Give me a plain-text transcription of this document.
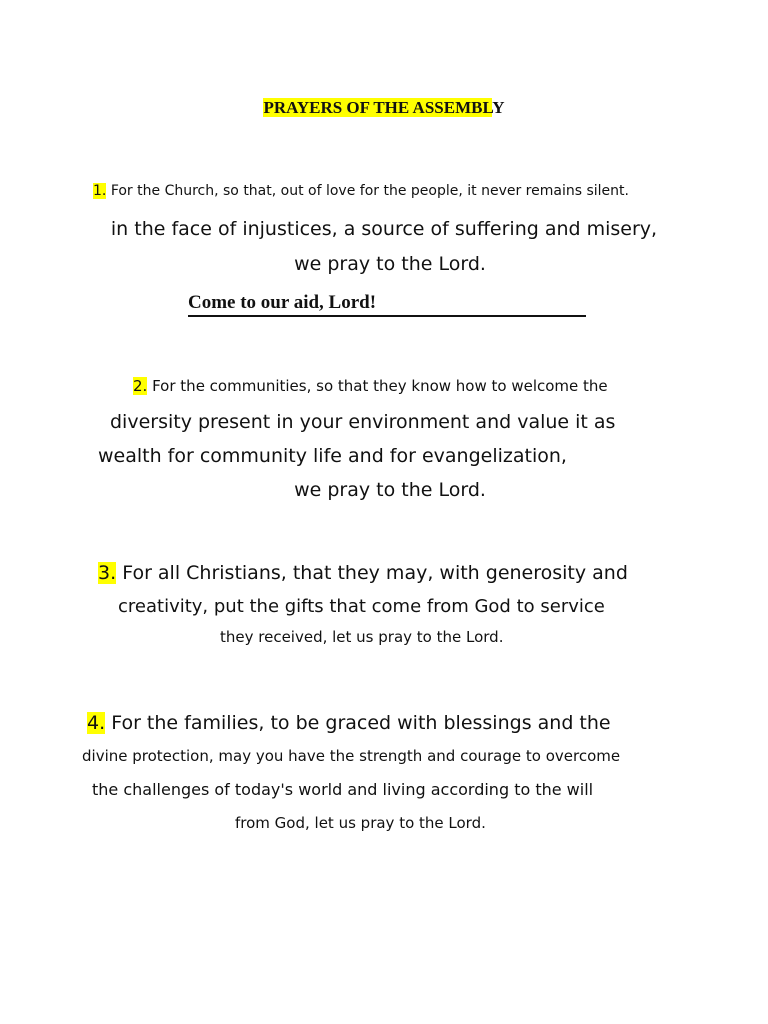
PRAYERS OF THE ASSEMBLY
1. For the Church, so that, out of love for the people, it never remains silent.
in the face of injustices, a source of suffering and misery,
we pray to the Lord.
Come to our aid, Lord!
2. For the communities, so that they know how to welcome the
diversity present in your environment and value it as
wealth for community life and for evangelization,
we pray to the Lord.
3. For all Christians, that they may, with generosity and
creativity, put the gifts that come from God to service
they received, let us pray to the Lord.
4. For the families, to be graced with blessings and the
divine protection, may you have the strength and courage to overcome
the challenges of today's world and living according to the will
from God, let us pray to the Lord.
